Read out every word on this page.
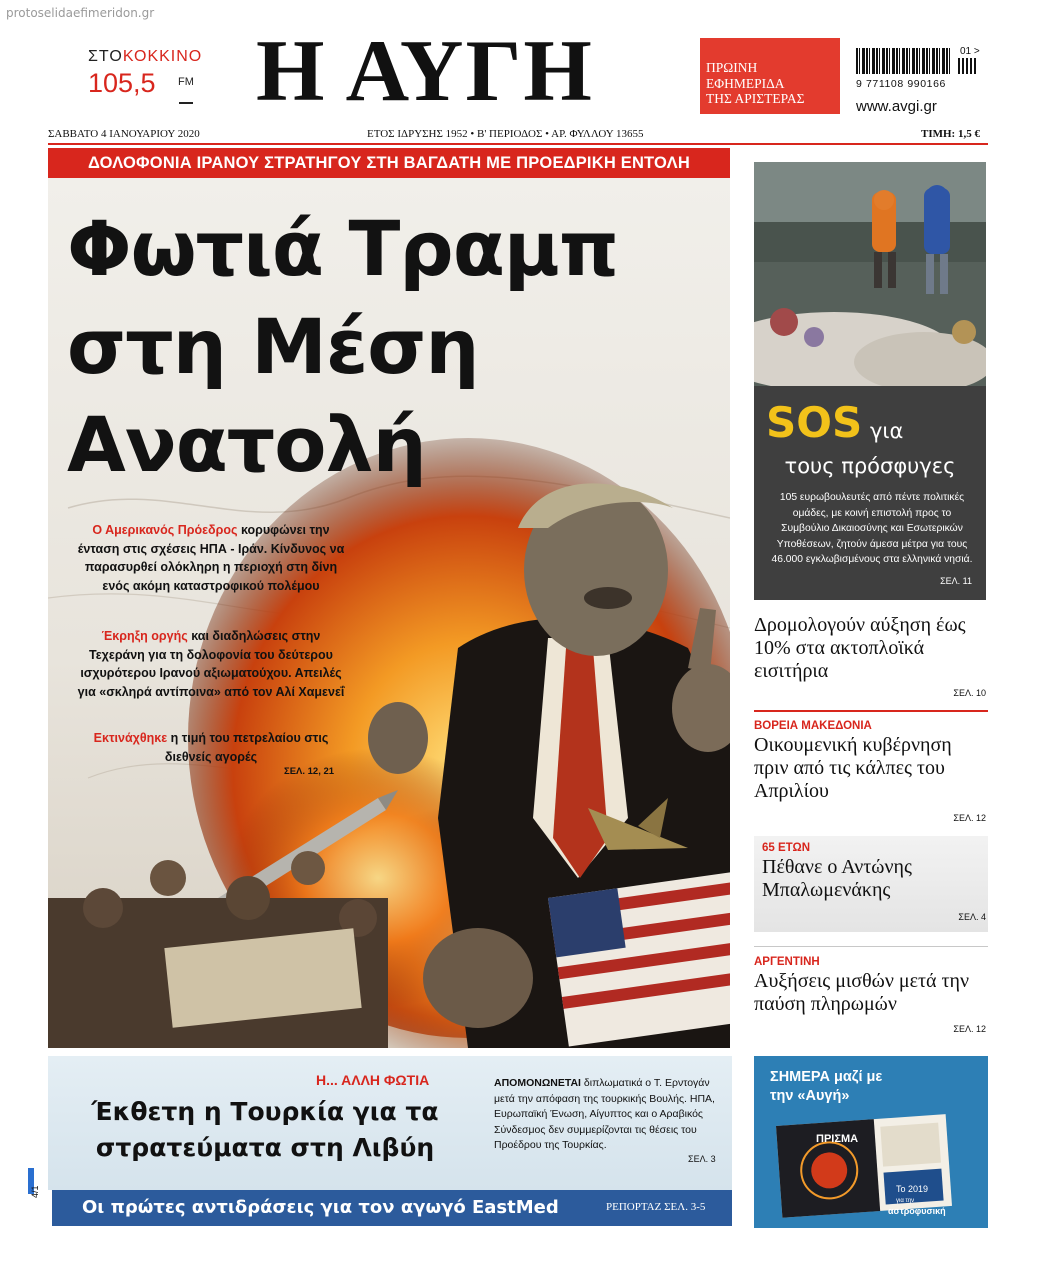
protoselidaefimeridon.gr
ΣΤΟΚΟΚΚΙΝΟ
105,5	FM Η ΑΥΓΗ	ΠΡΩΙΝΗ
ΕΦΗΜΕΡΙΔΑ
ΤΗΣ ΑΡΙΣΤΕΡΑΣ
01 >
9 771108 990166
www.avgi.gr
ΣΑΒΒΑΤΟ 4 ΙΑΝΟΥΑΡΙΟΥ 2020	ΕΤΟΣ ΙΔΡΥΣΗΣ 1952 • Β' ΠΕΡΙΟΔΟΣ • ΑΡ. ΦΥΛΛΟΥ 13655	ΤΙΜΗ: 1,5 €
ΔΟΛΟΦΟΝΙΑ ΙΡΑΝΟΥ ΣΤΡΑΤΗΓΟΥ ΣΤΗ ΒΑΓΔΑΤΗ ΜΕ ΠΡΟΕΔΡΙΚΗ ΕΝΤΟΛΗ
Φωτιά Τραμπ
στη Μέση
Ανατολή
Ο Αμερικανός Πρόεδρος κορυφώνει την ένταση στις σχέσεις ΗΠΑ - Ιράν. Κίνδυνος να παρασυρθεί ολόκληρη η περιοχή στη δίνη ενός ακόμη καταστροφικού πολέμου
Έκρηξη οργής και διαδηλώσεις στην Τεχεράνη για τη δολοφονία του δεύτερου ισχυρότερου Ιρανού αξιωματούχου. Απειλές για «σκληρά αντίποινα» από τον Αλί Χαμενεΐ
Εκτινάχθηκε η τιμή του πετρελαίου στις διεθνείς αγορές
ΣΕΛ. 12, 21
SOS για
τους πρόσφυγες
105 ευρωβουλευτές από πέντε πολιτικές ομάδες, με κοινή επιστολή προς το Συμβούλιο Δικαιοσύνης και Εσωτερικών Υποθέσεων, ζητούν άμεσα μέτρα για τους 46.000 εγκλωβισμένους στα ελληνικά νησιά.
ΣΕΛ. 11
Δρομολογούν αύξηση έως 10% στα ακτοπλοϊκά εισιτήρια
ΣΕΛ. 10
ΒΟΡΕΙΑ ΜΑΚΕΔΟΝΙΑ
Οικουμενική κυβέρνηση πριν από τις κάλπες του Απριλίου
ΣΕΛ. 12
65 ΕΤΩΝ
Πέθανε ο Αντώνης Μπαλωμενάκης
ΣΕΛ. 4
ΑΡΓΕΝΤΙΝΗ
Αυξήσεις μισθών μετά την παύση πληρωμών
ΣΕΛ. 12
ΣΗΜΕΡΑ μαζί με
την «Αυγή»
ΠΡΙΣΜΑ
Το 2019
για την
αστροφυσική
Η... ΑΛΛΗ ΦΩΤΙΑ
Έκθετη η Τουρκία για τα
στρατεύματα στη Λιβύη
ΑΠΟΜΟΝΩΝΕΤΑΙ διπλωματικά ο Τ. Ερντογάν μετά την απόφαση της τουρκικής Βουλής. ΗΠΑ, Ευρωπαϊκή Ένωση, Αίγυπτος και ο Αραβικός Σύνδεσμος δεν συμμερίζονται τις θέσεις του Προέδρου της Τουρκίας.
ΣΕΛ. 3
Οι πρώτες αντιδράσεις για τον αγωγό EastMed	ΡΕΠΟΡΤΑΖ ΣΕΛ. 3-5
4/1
